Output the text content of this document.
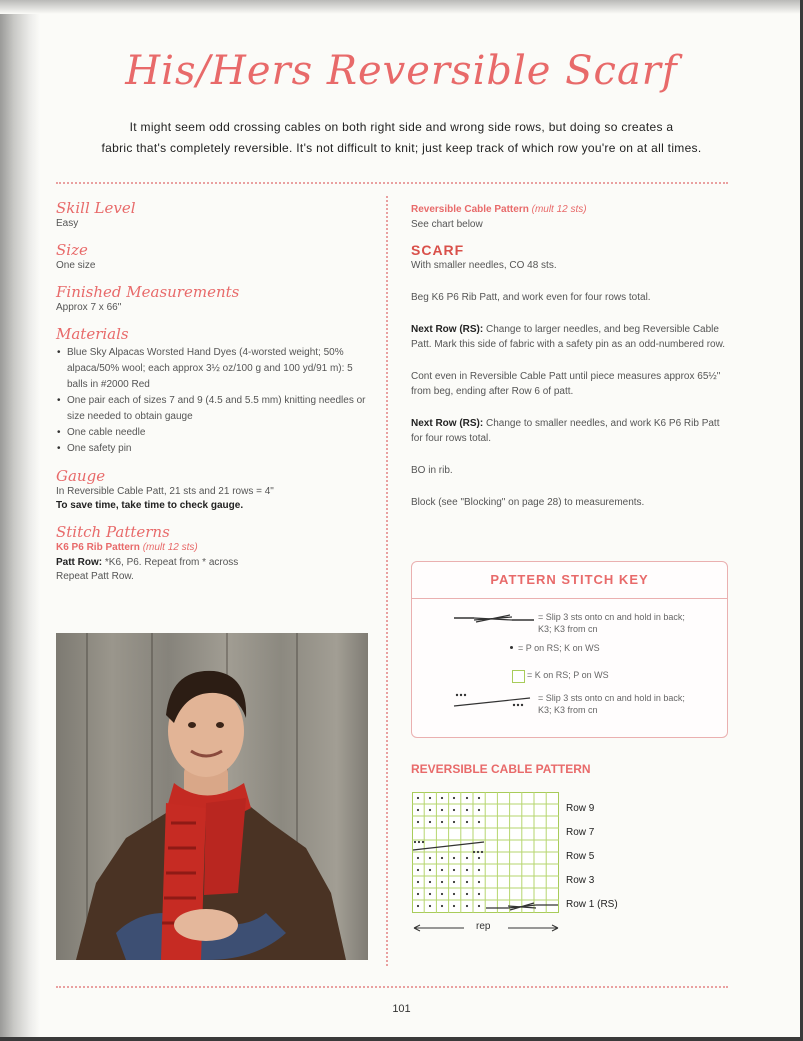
His/Hers Reversible Scarf
It might seem odd crossing cables on both right side and wrong side rows, but doing so creates a
fabric that's completely reversible. It's not difficult to knit; just keep track of which row you're on at all times.
Skill Level
Easy
Size
One size
Finished Measurements
Approx 7 x 66"
Materials
• Blue Sky Alpacas Worsted Hand Dyes (4-worsted weight; 50% alpaca/50% wool; each approx 3½ oz/100 g and 100 yd/91 m): 5 balls in #2000 Red
• One pair each of sizes 7 and 9 (4.5 and 5.5 mm) knitting needles or size needed to obtain gauge
• One cable needle
• One safety pin
Gauge
In Reversible Cable Patt, 21 sts and 21 rows = 4"
To save time, take time to check gauge.
Stitch Patterns
K6 P6 Rib Pattern (mult 12 sts)
Patt Row: *K6, P6. Repeat from * across
Repeat Patt Row.
Reversible Cable Pattern (mult 12 sts)
See chart below
SCARF
With smaller needles, CO 48 sts.
Beg K6 P6 Rib Patt, and work even for four rows total.
Next Row (RS): Change to larger needles, and beg Reversible Cable Patt. Mark this side of fabric with a safety pin as an odd-numbered row.
Cont even in Reversible Cable Patt until piece measures approx 65½" from beg, ending after Row 6 of patt.
Next Row (RS): Change to smaller needles, and work K6 P6 Rib Patt for four rows total.
BO in rib.
Block (see "Blocking" on page 28) to measurements.
PATTERN STITCH KEY
= Slip 3 sts onto cn and hold in back; K3; K3 from cn
= P on RS; K on WS
= K on RS; P on WS
= Slip 3 sts onto cn and hold in back; K3; K3 from cn
REVERSIBLE CABLE PATTERN
Row 9
Row 7
Row 5
Row 3
Row 1 (RS)
rep
101
